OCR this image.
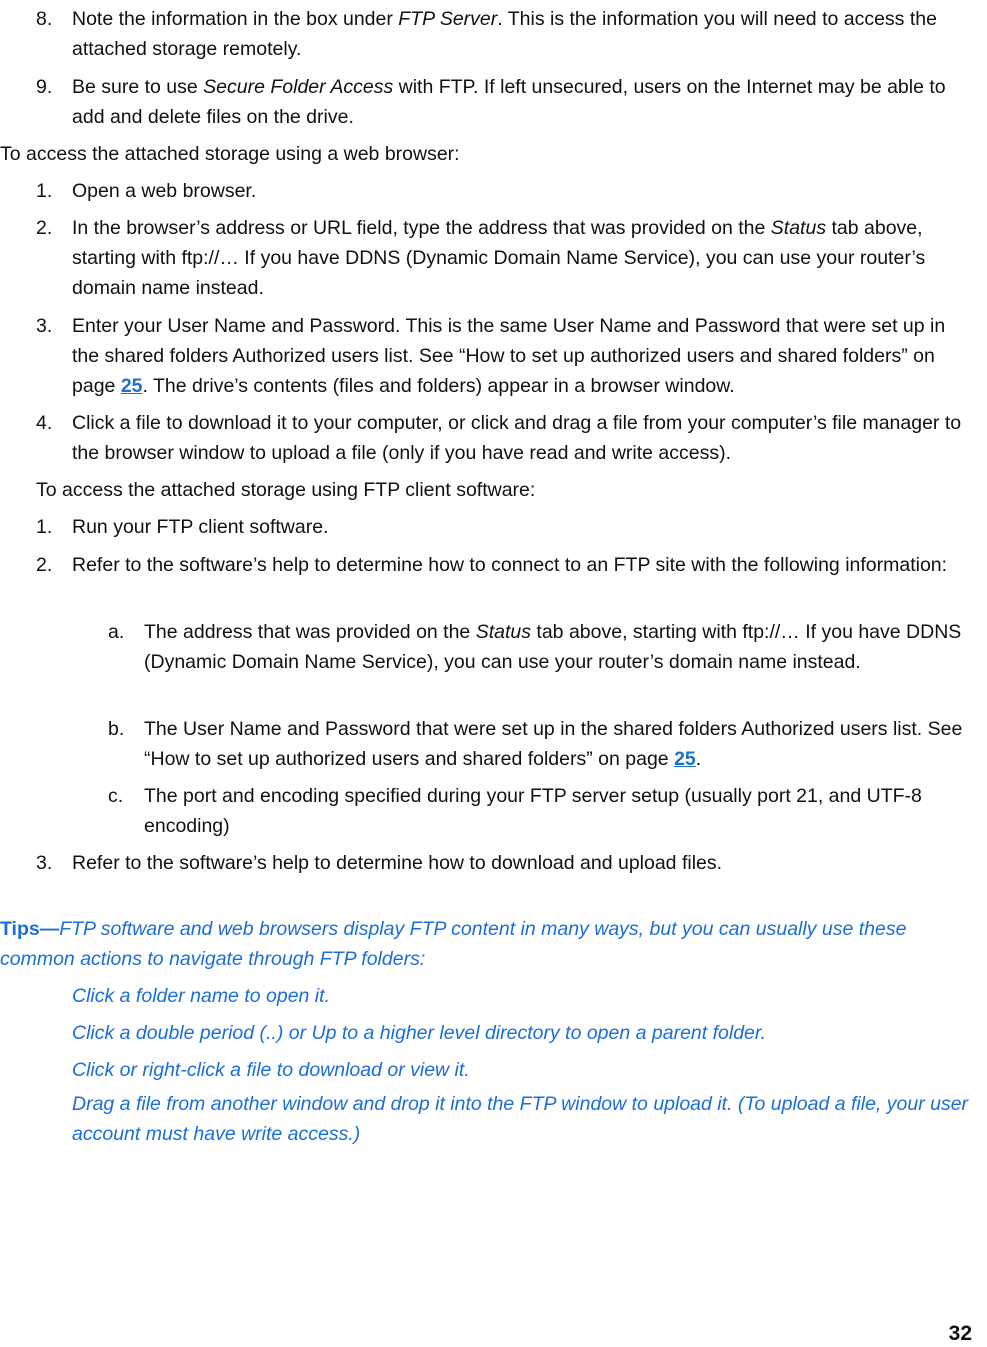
8. Note the information in the box under FTP Server. This is the information you will need to access the attached storage remotely.
9. Be sure to use Secure Folder Access with FTP. If left unsecured, users on the Internet may be able to add and delete files on the drive.
To access the attached storage using a web browser:
1. Open a web browser.
2. In the browser’s address or URL field, type the address that was provided on the Status tab above, starting with ftp://… If you have DDNS (Dynamic Domain Name Service), you can use your router’s domain name instead.
3. Enter your User Name and Password. This is the same User Name and Password that were set up in the shared folders Authorized users list. See “How to set up authorized users and shared folders” on page 25. The drive’s contents (files and folders) appear in a browser window.
4. Click a file to download it to your computer, or click and drag a file from your computer’s file manager to the browser window to upload a file (only if you have read and write access).
To access the attached storage using FTP client software:
1. Run your FTP client software.
2. Refer to the software’s help to determine how to connect to an FTP site with the following information:
a. The address that was provided on the Status tab above, starting with ftp://… If you have DDNS (Dynamic Domain Name Service), you can use your router’s domain name instead.
b. The User Name and Password that were set up in the shared folders Authorized users list. See “How to set up authorized users and shared folders” on page 25.
c. The port and encoding specified during your FTP server setup (usually port 21, and UTF-8 encoding)
3. Refer to the software’s help to determine how to download and upload files.
Tips—FTP software and web browsers display FTP content in many ways, but you can usually use these common actions to navigate through FTP folders:
Click a folder name to open it.
Click a double period (..) or Up to a higher level directory to open a parent folder.
Click or right-click a file to download or view it.
Drag a file from another window and drop it into the FTP window to upload it. (To upload a file, your user account must have write access.)
32
